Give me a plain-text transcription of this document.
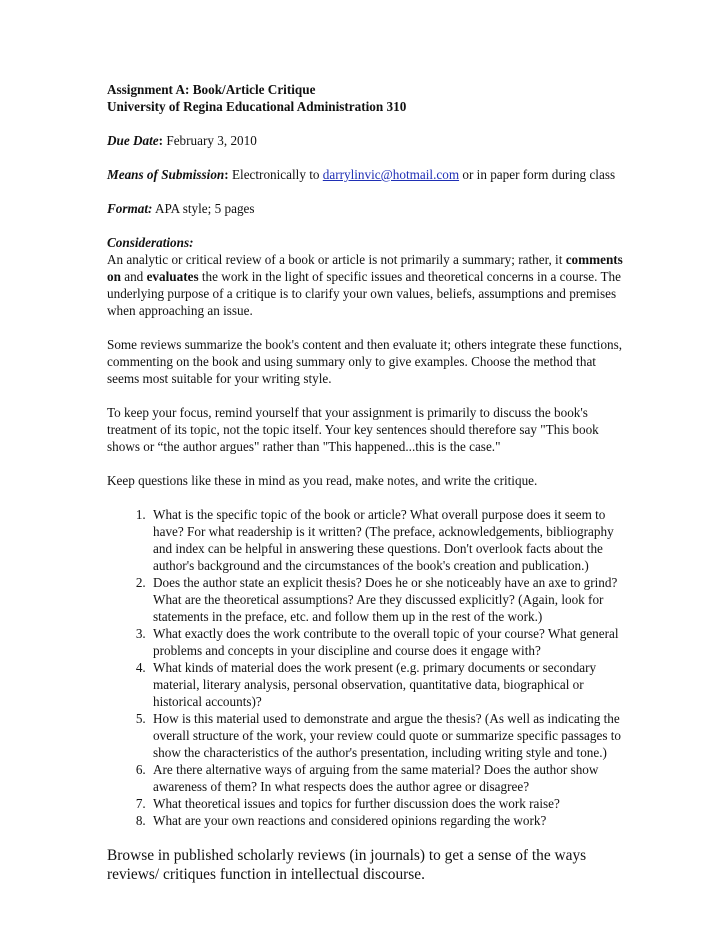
Assignment A: Book/Article Critique
University of Regina Educational Administration 310

Due Date: February 3, 2010

Means of Submission: Electronically to darrylinvic@hotmail.com or in paper form during class

Format: APA style; 5 pages

Considerations:

An analytic or critical review of a book or article is not primarily a summary; rather, it comments on and evaluates the work in the light of specific issues and theoretical concerns in a course. The underlying purpose of a critique is to clarify your own values, beliefs, assumptions and premises when approaching an issue.

Some reviews summarize the book's content and then evaluate it; others integrate these functions, commenting on the book and using summary only to give examples. Choose the method that seems most suitable for your writing style.

To keep your focus, remind yourself that your assignment is primarily to discuss the book's treatment of its topic, not the topic itself. Your key sentences should therefore say "This book shows or “the author argues" rather than "This happened...this is the case."

Keep questions like these in mind as you read, make notes, and write the critique.

1. What is the specific topic of the book or article? What overall purpose does it seem to have? For what readership is it written? (The preface, acknowledgements, bibliography and index can be helpful in answering these questions. Don't overlook facts about the author's background and the circumstances of the book's creation and publication.)
2. Does the author state an explicit thesis? Does he or she noticeably have an axe to grind? What are the theoretical assumptions? Are they discussed explicitly? (Again, look for statements in the preface, etc. and follow them up in the rest of the work.)
3. What exactly does the work contribute to the overall topic of your course? What general problems and concepts in your discipline and course does it engage with?
4. What kinds of material does the work present (e.g. primary documents or secondary material, literary analysis, personal observation, quantitative data, biographical or historical accounts)?
5. How is this material used to demonstrate and argue the thesis? (As well as indicating the overall structure of the work, your review could quote or summarize specific passages to show the characteristics of the author's presentation, including writing style and tone.)
6. Are there alternative ways of arguing from the same material? Does the author show awareness of them? In what respects does the author agree or disagree?
7. What theoretical issues and topics for further discussion does the work raise?
8. What are your own reactions and considered opinions regarding the work?

Browse in published scholarly reviews (in journals) to get a sense of the ways reviews/ critiques function in intellectual discourse.
